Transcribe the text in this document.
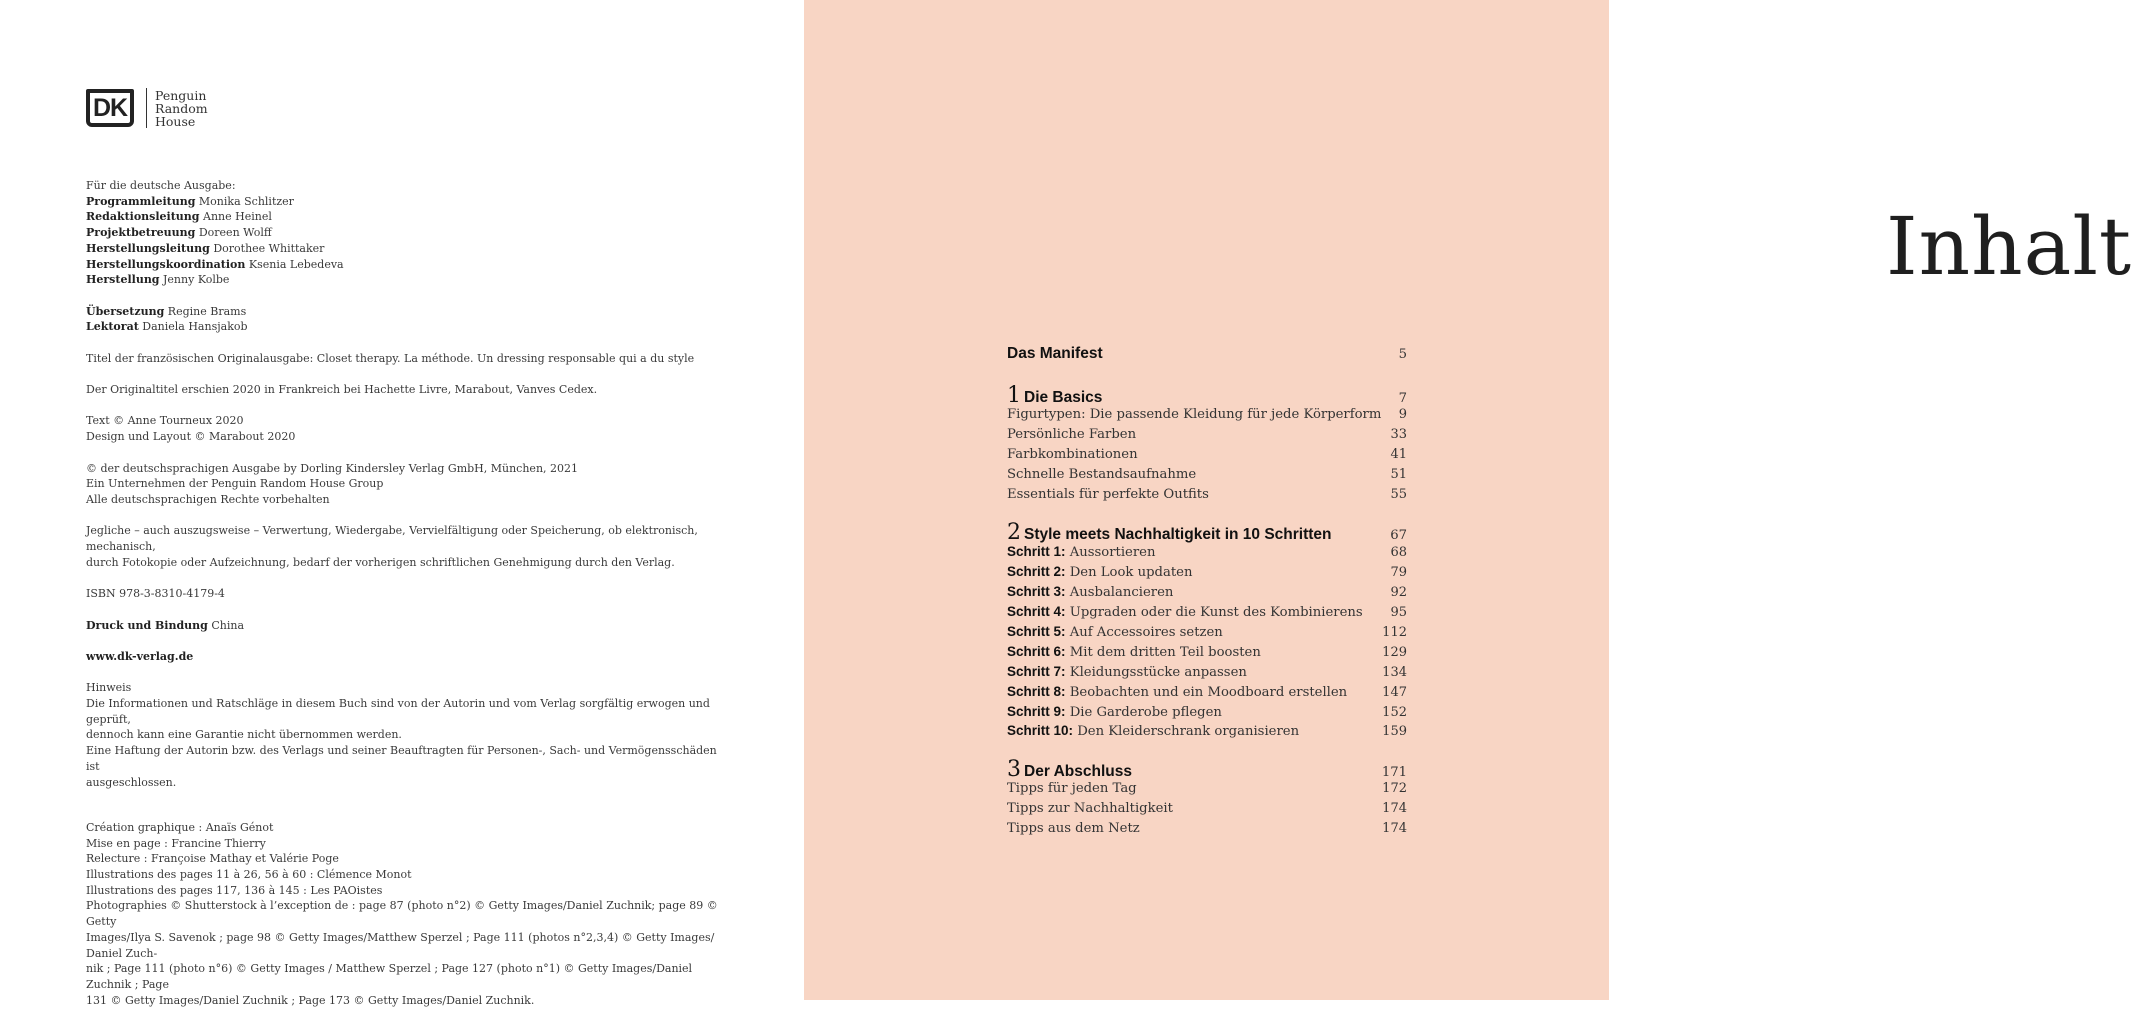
DK	Penguin
Random
House

Für die deutsche Ausgabe:

Programmleitung Monika Schlitzer

Redaktionsleitung Anne Heinel

Projektbetreuung Doreen Wolff

Herstellungsleitung Dorothee Whittaker

Herstellungskoordination Ksenia Lebedeva

Herstellung Jenny Kolbe

Übersetzung Regine Brams

Lektorat Daniela Hansjakob

Titel der französischen Originalausgabe: Closet therapy. La méthode. Un dressing responsable qui a du style

Der Originaltitel erschien 2020 in Frankreich bei Hachette Livre, Marabout, Vanves Cedex.

Text © Anne Tourneux 2020

Design und Layout © Marabout 2020

© der deutschsprachigen Ausgabe by Dorling Kindersley Verlag GmbH, München, 2021

Ein Unternehmen der Penguin Random House Group

Alle deutschsprachigen Rechte vorbehalten

Jegliche – auch auszugsweise – Verwertung, Wiedergabe, Vervielfältigung oder Speicherung, ob elektronisch, mechanisch,

durch Fotokopie oder Aufzeichnung, bedarf der vorherigen schriftlichen Genehmigung durch den Verlag.

ISBN 978-3-8310-4179-4

Druck und Bindung China

www.dk-verlag.de

Hinweis

Die Informationen und Ratschläge in diesem Buch sind von der Autorin und vom Verlag sorgfältig erwogen und geprüft,

dennoch kann eine Garantie nicht übernommen werden.

Eine Haftung der Autorin bzw. des Verlags und seiner Beauftragten für Personen-, Sach- und Vermögensschäden ist

ausgeschlossen.

Création graphique : Anaïs Génot

Mise en page : Francine Thierry

Relecture : Françoise Mathay et Valérie Poge

Illustrations des pages 11 à 26, 56 à 60 : Clémence Monot

Illustrations des pages 117, 136 à 145 : Les PAOistes

Photographies © Shutterstock à l’exception de : page 87 (photo n°2) © Getty Images/Daniel Zuchnik; page 89 © Getty

Images/Ilya S. Savenok ; page 98 © Getty Images/Matthew Sperzel ; Page 111 (photos n°2,3,4) © Getty Images/ Daniel Zuch-

nik ; Page 111 (photo n°6) © Getty Images / Matthew Sperzel ; Page 127 (photo n°1) © Getty Images/Daniel Zuchnik ; Page

131 © Getty Images/Daniel Zuchnik ; Page 173 © Getty Images/Daniel Zuchnik.

Inhalt
Das Manifest	5
1 Die Basics	7
Figurtypen: Die passende Kleidung für jede Körperform 9
Persönliche Farben	33
Farbkombinationen	41
Schnelle Bestandsaufnahme	51
Essentials für perfekte Outfits	55
2 Style meets Nachhaltigkeit in 10 Schritten	67
Schritt 1: Aussortieren	68
Schritt 2: Den Look updaten	79
Schritt 3: Ausbalancieren	92
Schritt 4: Upgraden oder die Kunst des Kombinierens 95
Schritt 5: Auf Accessoires setzen	112
Schritt 6: Mit dem dritten Teil boosten	129
Schritt 7: Kleidungsstücke anpassen	134
Schritt 8: Beobachten und ein Moodboard erstellen	147
Schritt 9: Die Garderobe pflegen	152
Schritt 10: Den Kleiderschrank organisieren	159
3 Der Abschluss	171
Tipps für jeden Tag	172
Tipps zur Nachhaltigkeit	174
Tipps aus dem Netz	174
